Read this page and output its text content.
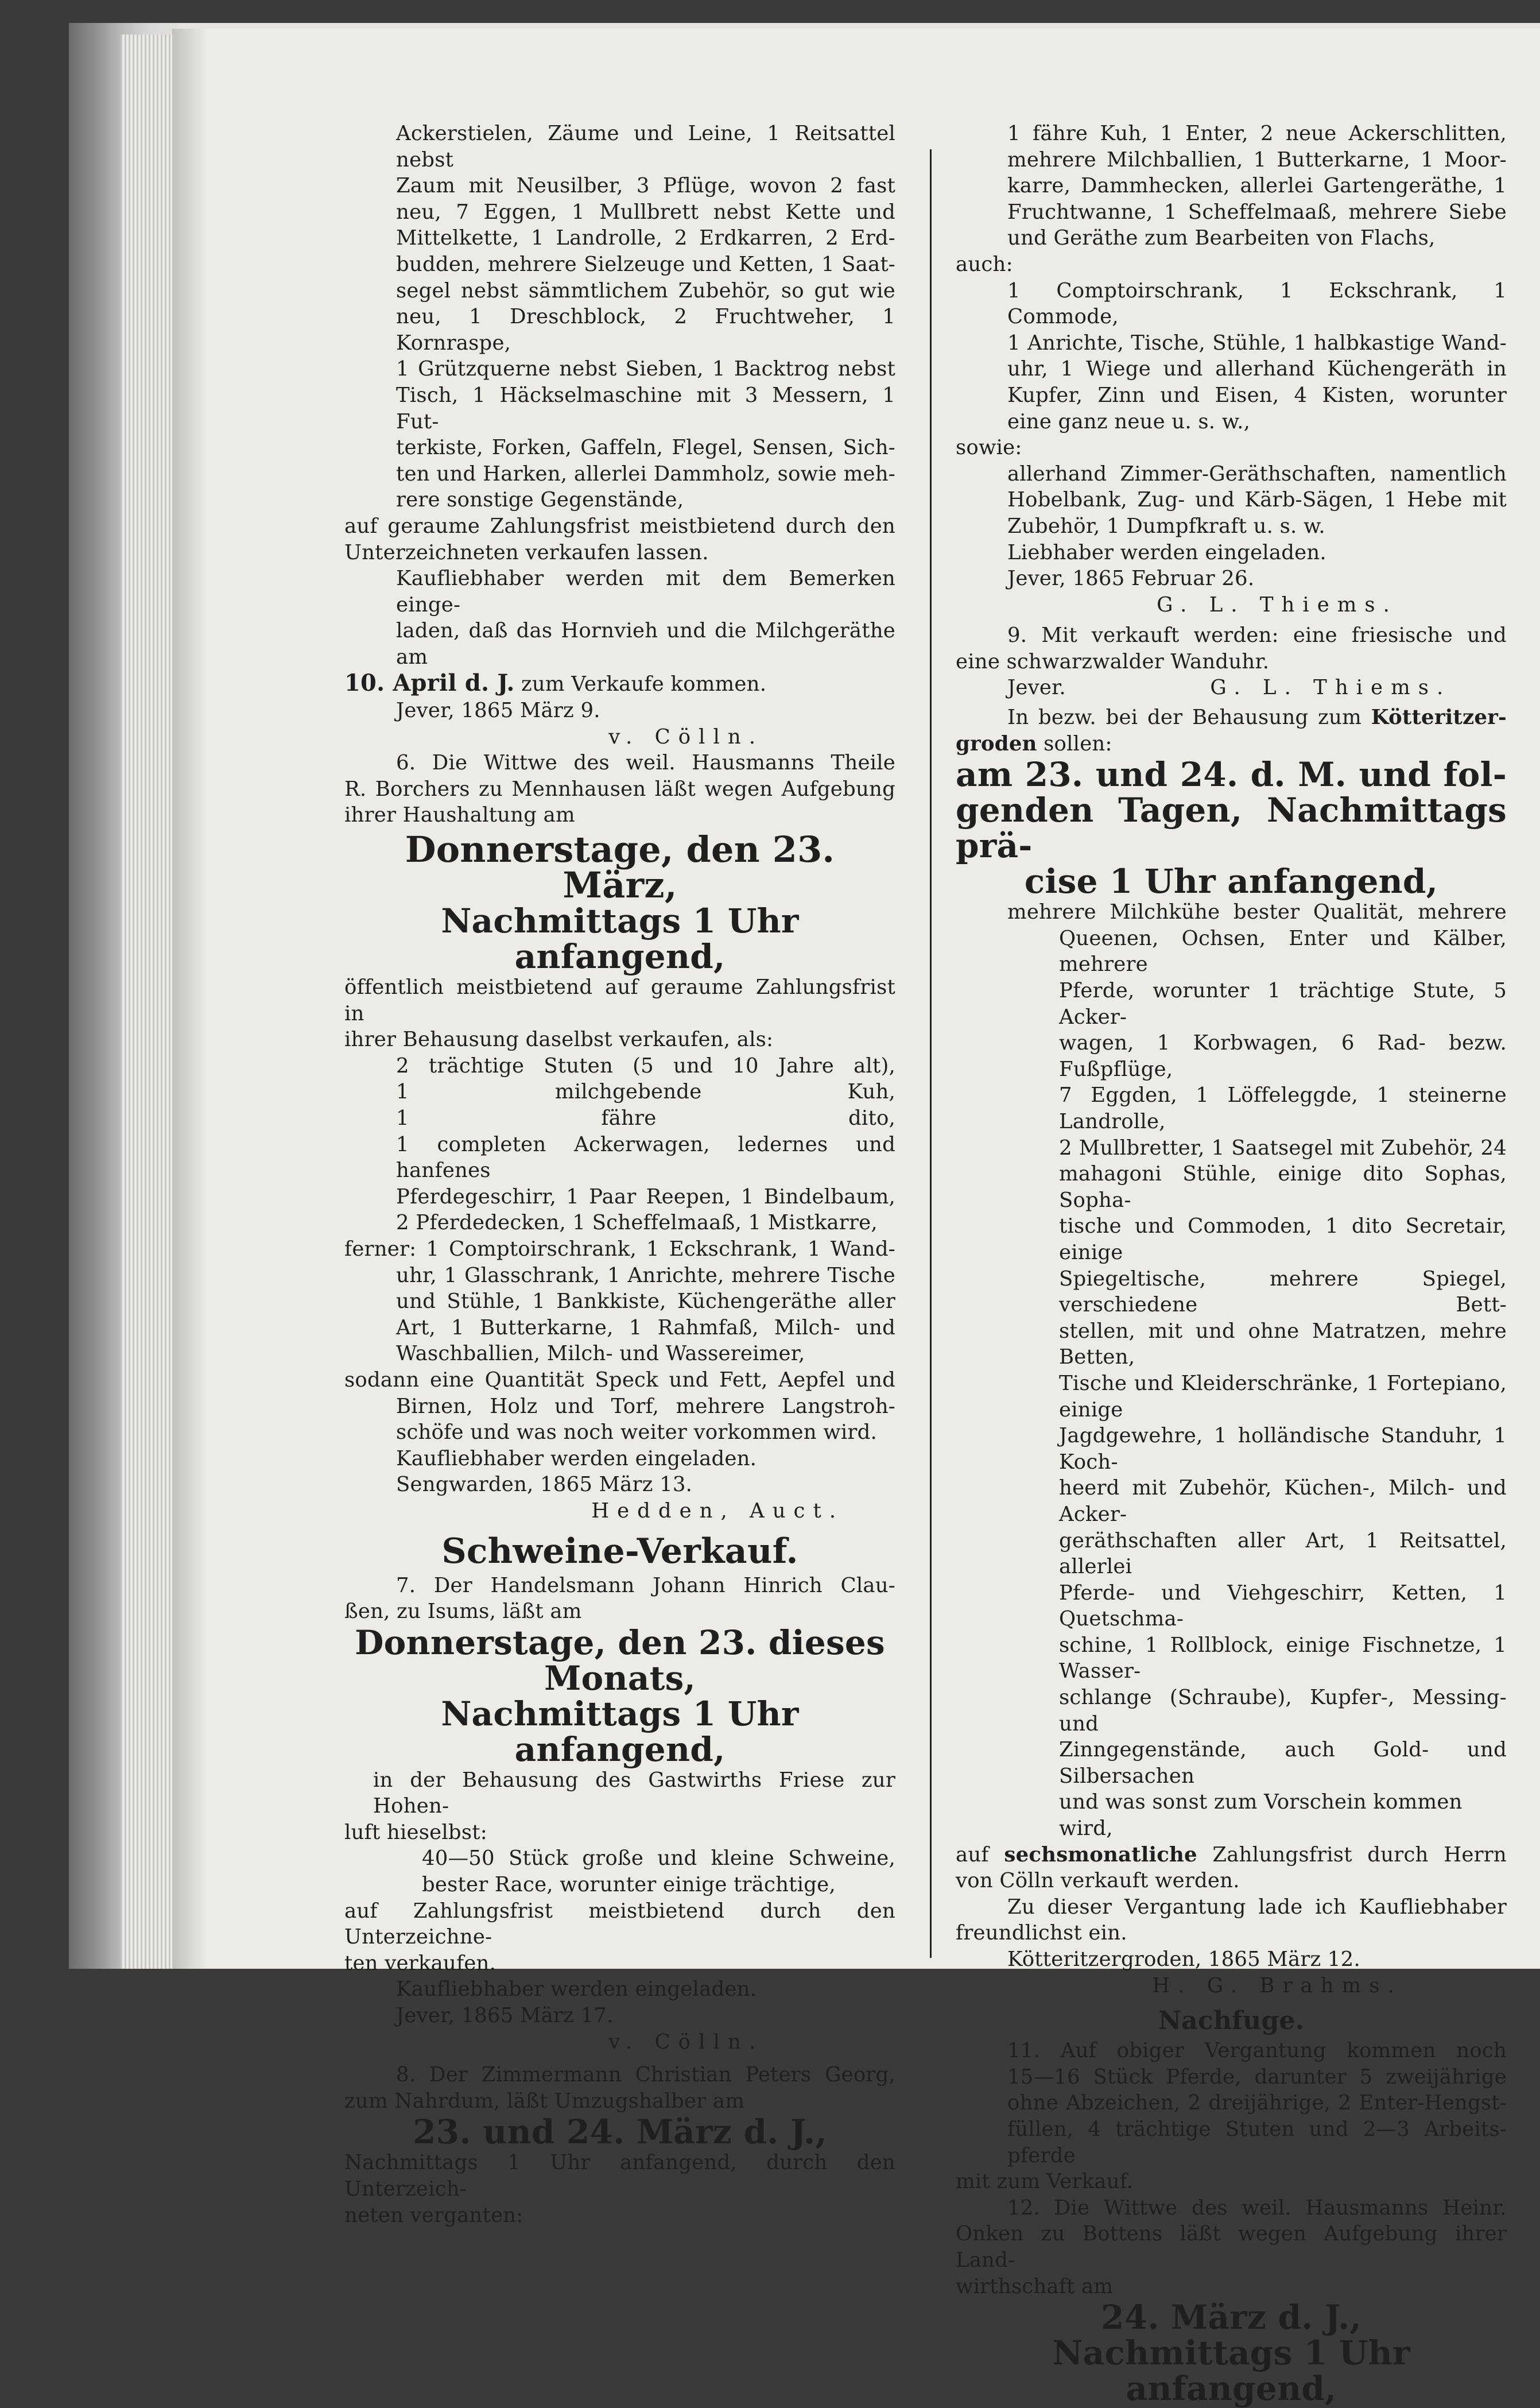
Ackerstielen, Zäume und Leine, 1 Reitsattel nebst

Zaum mit Neusilber, 3 Pflüge, wovon 2 fast

neu, 7 Eggen, 1 Mullbrett nebst Kette und

Mittelkette, 1 Landrolle, 2 Erdkarren, 2 Erd-

budden, mehrere Sielzeuge und Ketten, 1 Saat-

segel nebst sämmtlichem Zubehör, so gut wie

neu, 1 Dreschblock, 2 Fruchtweher, 1 Kornraspe,

1 Grützquerne nebst Sieben, 1 Backtrog nebst

Tisch, 1 Häckselmaschine mit 3 Messern, 1 Fut-

terkiste, Forken, Gaffeln, Flegel, Sensen, Sich-

ten und Harken, allerlei Dammholz, sowie meh-

rere sonstige Gegenstände,

auf geraume Zahlungsfrist meistbietend durch den

Unterzeichneten verkaufen lassen.

Kaufliebhaber werden mit dem Bemerken einge-

laden, daß das Hornvieh und die Milchgeräthe am

10. April d. J. zum Verkaufe kommen.

Jever, 1865 März 9.

v. Cölln.

6. Die Wittwe des weil. Hausmanns Theile

R. Borchers zu Mennhausen läßt wegen Aufgebung

ihrer Haushaltung am

Donnerstage, den 23. März,

Nachmittags 1 Uhr anfangend,

öffentlich meistbietend auf geraume Zahlungsfrist in

ihrer Behausung daselbst verkaufen, als:

2 trächtige Stuten (5 und 10 Jahre alt),

1 milchgebende Kuh,

1 fähre dito,

1 completen Ackerwagen, ledernes und hanfenes

Pferdegeschirr, 1 Paar Reepen, 1 Bindelbaum,

2 Pferdedecken, 1 Scheffelmaaß, 1 Mistkarre,

ferner: 1 Comptoirschrank, 1 Eckschrank, 1 Wand-

uhr, 1 Glasschrank, 1 Anrichte, mehrere Tische

und Stühle, 1 Bankkiste, Küchengeräthe aller

Art, 1 Butterkarne, 1 Rahmfaß, Milch- und

Waschballien, Milch- und Wassereimer,

sodann eine Quantität Speck und Fett, Aepfel und

Birnen, Holz und Torf, mehrere Langstroh-

schöfe und was noch weiter vorkommen wird.

Kaufliebhaber werden eingeladen.

Sengwarden, 1865 März 13.

Hedden, Auct.

Schweine-Verkauf.

7. Der Handelsmann Johann Hinrich Clau-

ßen, zu Isums, läßt am

Donnerstage, den 23. dieses Monats,

Nachmittags 1 Uhr anfangend,

in der Behausung des Gastwirths Friese zur Hohen-

luft hieselbst:

40—50 Stück große und kleine Schweine,

bester Race, worunter einige trächtige,

auf Zahlungsfrist meistbietend durch den Unterzeichne-

ten verkaufen.

Kaufliebhaber werden eingeladen.

Jever, 1865 März 17.

v. Cölln.

8. Der Zimmermann Christian Peters Georg,

zum Nahrdum, läßt Umzugshalber am

23. und 24. März d. J.,

Nachmittags 1 Uhr anfangend, durch den Unterzeich-

neten verganten:

1 fähre Kuh, 1 Enter, 2 neue Ackerschlitten,

mehrere Milchballien, 1 Butterkarne, 1 Moor-

karre, Dammhecken, allerlei Gartengeräthe, 1

Fruchtwanne, 1 Scheffelmaaß, mehrere Siebe

und Geräthe zum Bearbeiten von Flachs,

auch:

1 Comptoirschrank, 1 Eckschrank, 1 Commode,

1 Anrichte, Tische, Stühle, 1 halbkastige Wand-

uhr, 1 Wiege und allerhand Küchengeräth in

Kupfer, Zinn und Eisen, 4 Kisten, worunter

eine ganz neue u. s. w.,

sowie:

allerhand Zimmer-Geräthschaften, namentlich

Hobelbank, Zug- und Kärb-Sägen, 1 Hebe mit

Zubehör, 1 Dumpfkraft u. s. w.

Liebhaber werden eingeladen.

Jever, 1865 Februar 26.

G. L. Thiems.

9. Mit verkauft werden: eine friesische und

eine schwarzwalder Wanduhr.

Jever.	G. L. Thiems.

In bezw. bei der Behausung zum Kötteritzer-

groden sollen:

am 23. und 24. d. M. und fol-

genden Tagen, Nachmittags prä-

cise 1 Uhr anfangend,

mehrere Milchkühe bester Qualität, mehrere

Queenen, Ochsen, Enter und Kälber, mehrere

Pferde, worunter 1 trächtige Stute, 5 Acker-

wagen, 1 Korbwagen, 6 Rad- bezw. Fußpflüge,

7 Eggden, 1 Löffeleggde, 1 steinerne Landrolle,

2 Mullbretter, 1 Saatsegel mit Zubehör, 24

mahagoni Stühle, einige dito Sophas, Sopha-

tische und Commoden, 1 dito Secretair, einige

Spiegeltische, mehrere Spiegel, verschiedene Bett-

stellen, mit und ohne Matratzen, mehre Betten,

Tische und Kleiderschränke, 1 Fortepiano, einige

Jagdgewehre, 1 holländische Standuhr, 1 Koch-

heerd mit Zubehör, Küchen-, Milch- und Acker-

geräthschaften aller Art, 1 Reitsattel, allerlei

Pferde- und Viehgeschirr, Ketten, 1 Quetschma-

schine, 1 Rollblock, einige Fischnetze, 1 Wasser-

schlange (Schraube), Kupfer-, Messing- und

Zinngegenstände, auch Gold- und Silbersachen

und was sonst zum Vorschein kommen wird,

auf sechsmonatliche Zahlungsfrist durch Herrn

von Cölln verkauft werden.

Zu dieser Vergantung lade ich Kaufliebhaber

freundlichst ein.

Kötteritzergroden, 1865 März 12.

H. G. Brahms.

Nachfuge.

11. Auf obiger Vergantung kommen noch

15—16 Stück Pferde, darunter 5 zweijährige

ohne Abzeichen, 2 dreijährige, 2 Enter-Hengst-

füllen, 4 trächtige Stuten und 2—3 Arbeits-

pferde

mit zum Verkauf.

12. Die Wittwe des weil. Hausmanns Heinr.

Onken zu Bottens läßt wegen Aufgebung ihrer Land-

wirthschaft am

24. März d. J.,

Nachmittags 1 Uhr anfangend,
